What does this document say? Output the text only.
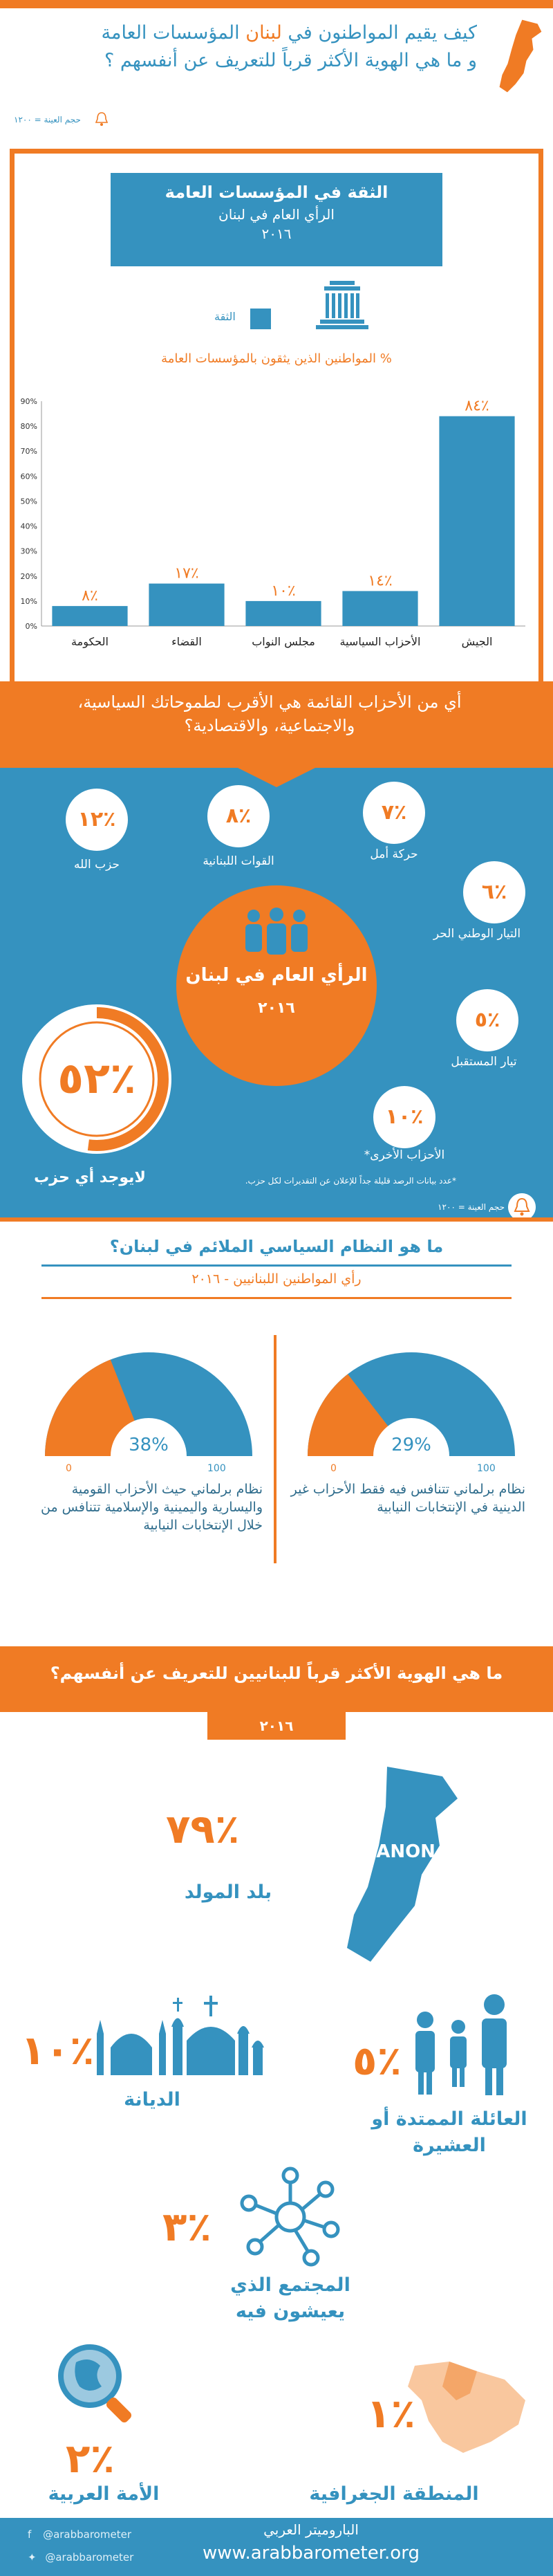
كيف يقيم المواطنون في لبنان المؤسسات العامة
و ما هي الهوية الأكثر قرباً للتعريف عن أنفسهم ؟
حجم العينة = ١٢٠٠
الثقة في المؤسسات العامة
الرأي العام في لبنان
٢٠١٦
الثقة
% المواطنين الذين يثقون بالمؤسسات العامة
0%
10%
20%
30%
40%
50%
60%
70%
80%
90%
٨٪
الحكومة
١٧٪
القضاء
١٠٪
مجلس النواب
١٤٪
الأحزاب السياسية
٨٤٪
الجيش
أي من الأحزاب القائمة هي الأقرب لطموحاتك السياسية،
والاجتماعية، والاقتصادية؟
١٢٪
حزب الله
٨٪
القوات اللبنانية
٧٪
حركة أمل
٦٪
التيار الوطني الحر
٥٪
تيار المستقبل
١٠٪
الأحزاب الأخرى*
الرأي العام في لبنان
٢٠١٦
٥٢٪
لايوجد أي حزب	*عدد بيانات الرصد قليلة جداً للإعلان عن التقديرات لكل حزب.
حجم العينة = ١٢٠٠
ما هو النظام السياسي الملائم في لبنان؟
رأي المواطنين اللبنانيين - ٢٠١٦
38%
0	100
نظام برلماني حيث الأحزاب القومية واليسارية واليمينية والإسلامية تتنافس من خلال الإنتخابات النيابية
29%
0	100
نظام برلماني تتنافس فيه فقط الأحزاب غير الدينية في الإنتخابات النيابية
ما هي الهوية الأكثر قرباً للبنانيين للتعريف عن أنفسهم؟
٢٠١٦
LEBANON
٧٩٪
بلد المولد
١٠٪
الديانة
٥٪
العائلة الممتدة أو العشيرة
٣٪
المجتمع الذي يعيشون فيه
٢٪
الأمة العربية
١٪
المنطقة الجغرافية
الباروميتر العربي
www.arabbarometer.org
f @arabbarometer
✦ @arabbarometer
